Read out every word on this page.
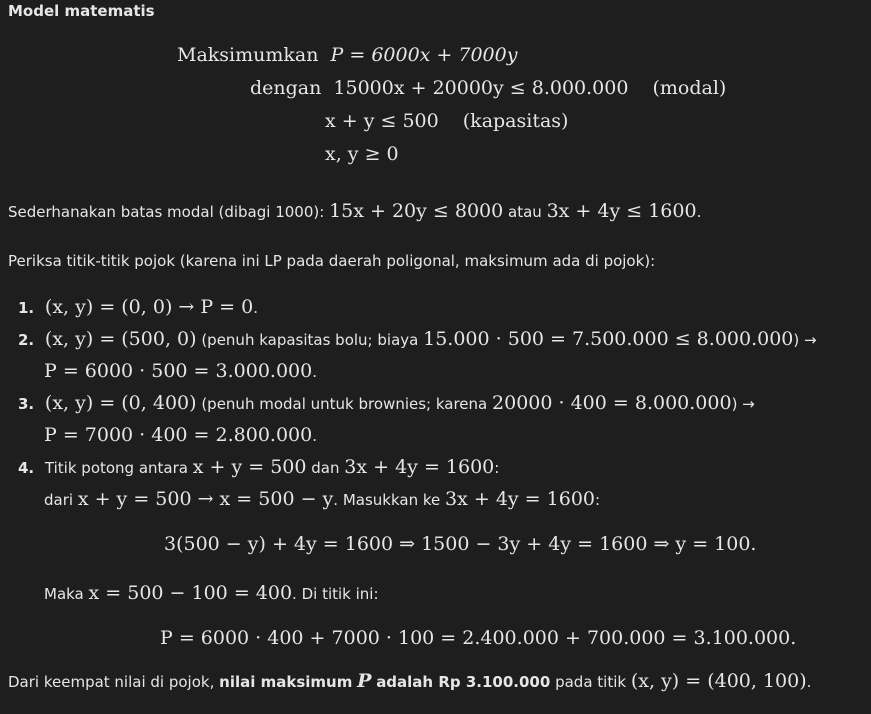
Model matematis
Maksimumkan P = 6000x + 7000y
dengan 15000x + 20000y ≤ 8.000.000 (modal)
x + y ≤ 500 (kapasitas)
x, y ≥ 0
Sederhanakan batas modal (dibagi 1000): 15x + 20y ≤ 8000 atau 3x + 4y ≤ 1600.
Periksa titik-titik pojok (karena ini LP pada daerah poligonal, maksimum ada di pojok):
1. (x, y) = (0, 0) → P = 0.
2. (x, y) = (500, 0) (penuh kapasitas bolu; biaya 15.000 · 500 = 7.500.000 ≤ 8.000.000) →
P = 6000 · 500 = 3.000.000.
3. (x, y) = (0, 400) (penuh modal untuk brownies; karena 20000 · 400 = 8.000.000) →
P = 7000 · 400 = 2.800.000.
4. Titik potong antara x + y = 500 dan 3x + 4y = 1600:
dari x + y = 500 → x = 500 − y. Masukkan ke 3x + 4y = 1600:
3(500 − y) + 4y = 1600 ⇒ 1500 − 3y + 4y = 1600 ⇒ y = 100.
Maka x = 500 − 100 = 400. Di titik ini:
P = 6000 · 400 + 7000 · 100 = 2.400.000 + 700.000 = 3.100.000.
Dari keempat nilai di pojok, nilai maksimum P adalah Rp 3.100.000 pada titik (x, y) = (400, 100).
